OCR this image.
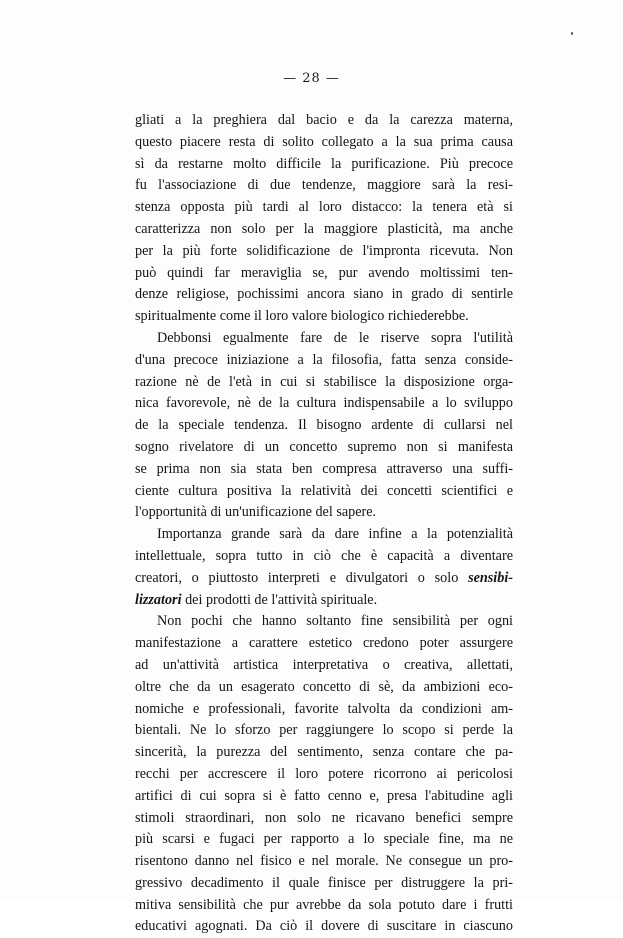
— 28 —
gliati a la preghiera dal bacio e da la carezza materna,
questo piacere resta di solito collegato a la sua prima causa
sì da restarne molto difficile la purificazione. Più precoce
fu l'associazione di due tendenze, maggiore sarà la resi-
stenza opposta più tardi al loro distacco: la tenera età si
caratterizza non solo per la maggiore plasticità, ma anche
per la più forte solidificazione de l'impronta ricevuta. Non
può quindi far meraviglia se, pur avendo moltissimi ten-
denze religiose, pochissimi ancora siano in grado di sentirle
spiritualmente come il loro valore biologico richiederebbe.
Debbonsi egualmente fare de le riserve sopra l'utilità
d'una precoce iniziazione a la filosofia, fatta senza conside-
razione nè de l'età in cui si stabilisce la disposizione orga-
nica favorevole, nè de la cultura indispensabile a lo sviluppo
de la speciale tendenza. Il bisogno ardente di cullarsi nel
sogno rivelatore di un concetto supremo non si manifesta
se prima non sia stata ben compresa attraverso una suffi-
ciente cultura positiva la relatività dei concetti scientifici e
l'opportunità di un'unificazione del sapere.
Importanza grande sarà da dare infine a la potenzialità
intellettuale, sopra tutto in ciò che è capacità a diventare
creatori, o piuttosto interpreti e divulgatori o solo sensibi-
lizzatori dei prodotti de l'attività spirituale.
Non pochi che hanno soltanto fine sensibilità per ogni
manifestazione a carattere estetico credono poter assurgere
ad un'attività artistica interpretativa o creativa, allettati,
oltre che da un esagerato concetto di sè, da ambizioni eco-
nomiche e professionali, favorite talvolta da condizioni am-
bientali. Ne lo sforzo per raggiungere lo scopo si perde la
sincerità, la purezza del sentimento, senza contare che pa-
recchi per accrescere il loro potere ricorrono ai pericolosi
artifici di cui sopra si è fatto cenno e, presa l'abitudine agli
stimoli straordinari, non solo ne ricavano benefici sempre
più scarsi e fugaci per rapporto a lo speciale fine, ma ne
risentono danno nel fisico e nel morale. Ne consegue un pro-
gressivo decadimento il quale finisce per distruggere la pri-
mitiva sensibilità che pur avrebbe da sola potuto dare i frutti
educativi agognati. Da ciò il dovere di suscitare in ciascuno
